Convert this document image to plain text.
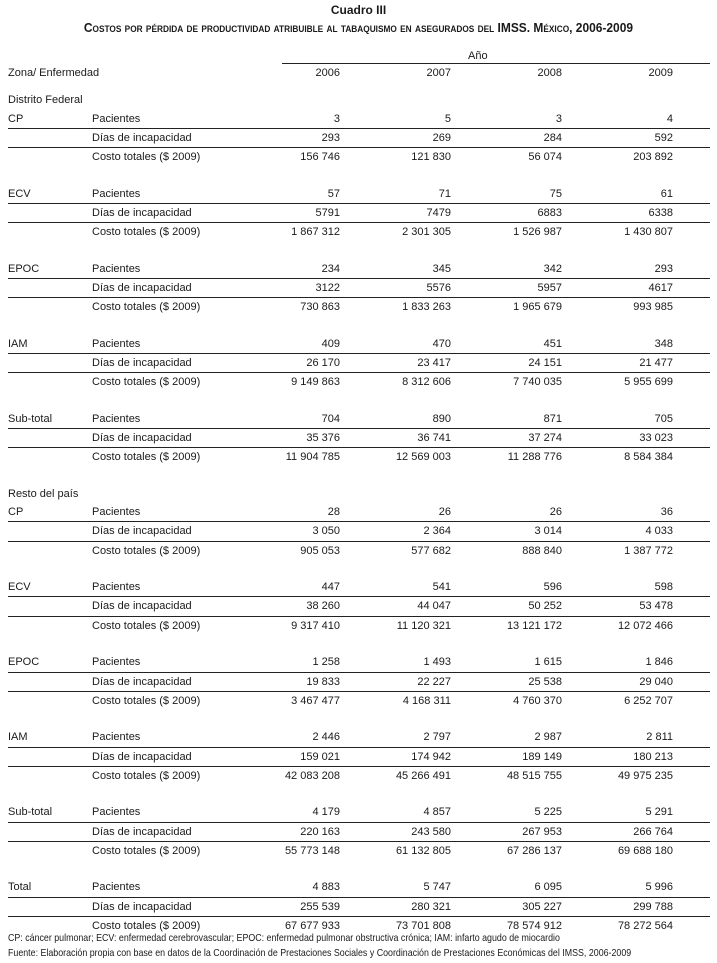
Cuadro III
Costos por pérdida de productividad atribuible al tabaquismo en asegurados del IMSS. México, 2006-2009
Año
Zona/ Enfermedad	2006	2007	2008	2009
Distrito Federal
CP	Pacientes	3	5	3	4
Días de incapacidad	293	269	284	592
Costo totales ($ 2009)	156 746	121 830	56 074	203 892
ECV	Pacientes	57	71	75	61
Días de incapacidad	5791	7479	6883	6338
Costo totales ($ 2009)	1 867 312	2 301 305	1 526 987	1 430 807
EPOC	Pacientes	234	345	342	293
Días de incapacidad	3122	5576	5957	4617
Costo totales ($ 2009)	730 863	1 833 263	1 965 679	993 985
IAM	Pacientes	409	470	451	348
Días de incapacidad	26 170	23 417	24 151	21 477
Costo totales ($ 2009)	9 149 863	8 312 606	7 740 035	5 955 699
Sub-total	Pacientes	704	890	871	705
Días de incapacidad	35 376	36 741	37 274	33 023
Costo totales ($ 2009)	11 904 785	12 569 003	11 288 776	8 584 384
Resto del país
CP	Pacientes	28	26	26	36
Días de incapacidad	3 050	2 364	3 014	4 033
Costo totales ($ 2009)	905 053	577 682	888 840	1 387 772
ECV	Pacientes	447	541	596	598
Días de incapacidad	38 260	44 047	50 252	53 478
Costo totales ($ 2009)	9 317 410	11 120 321	13 121 172	12 072 466
EPOC	Pacientes	1 258	1 493	1 615	1 846
Días de incapacidad	19 833	22 227	25 538	29 040
Costo totales ($ 2009)	3 467 477	4 168 311	4 760 370	6 252 707
IAM	Pacientes	2 446	2 797	2 987	2 811
Días de incapacidad	159 021	174 942	189 149	180 213
Costo totales ($ 2009)	42 083 208	45 266 491	48 515 755	49 975 235
Sub-total	Pacientes	4 179	4 857	5 225	5 291
Días de incapacidad	220 163	243 580	267 953	266 764
Costo totales ($ 2009)	55 773 148	61 132 805	67 286 137	69 688 180
Total	Pacientes	4 883	5 747	6 095	5 996
Días de incapacidad	255 539	280 321	305 227	299 788
Costo totales ($ 2009)	67 677 933	73 701 808	78 574 912	78 272 564
CP: cáncer pulmonar; ECV: enfermedad cerebrovascular; EPOC: enfermedad pulmonar obstructiva crónica; IAM: infarto agudo de miocardio
Fuente: Elaboración propia con base en datos de la Coordinación de Prestaciones Sociales y Coordinación de Prestaciones Económicas del IMSS, 2006-2009
